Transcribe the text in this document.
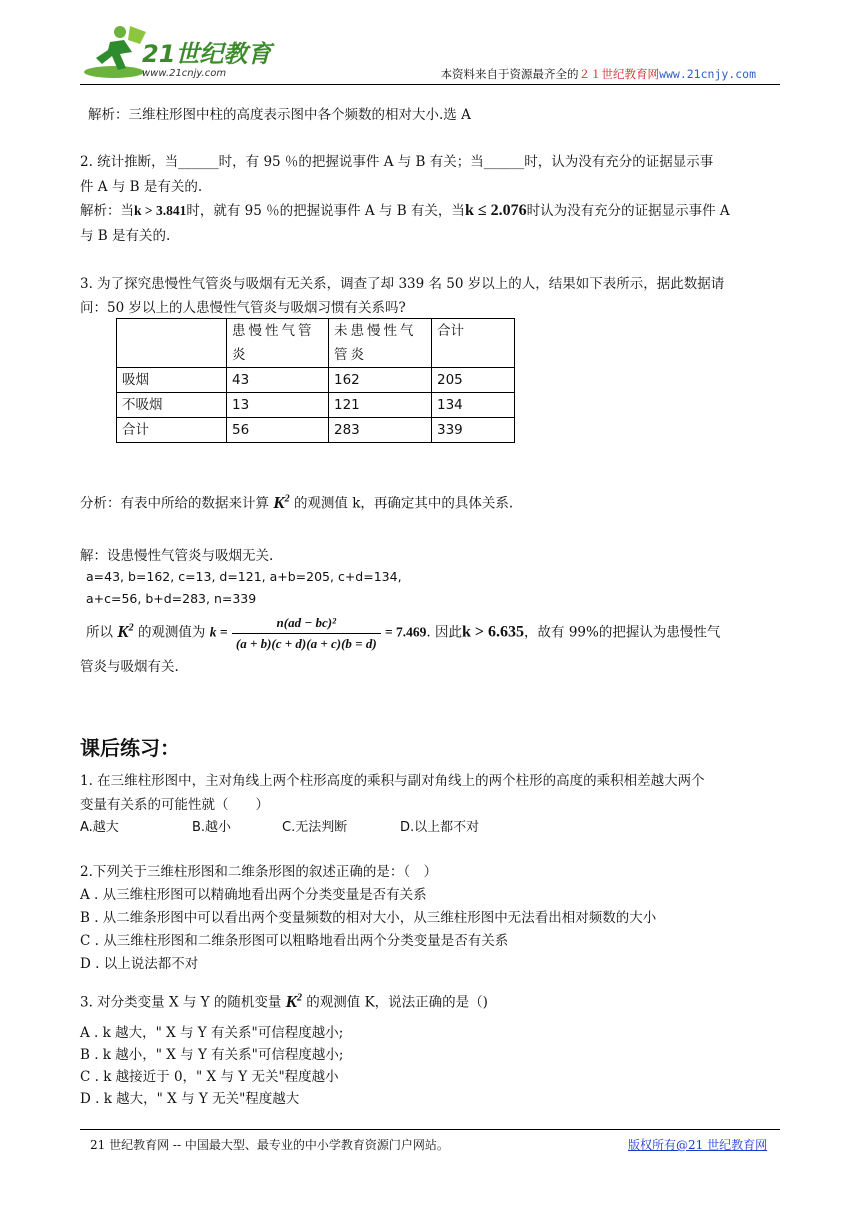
21世纪教育
www.21cnjy.com	本资料来自于资源最齐全的２１世纪教育网www.21cnjy.com
解析：三维柱形图中柱的高度表示图中各个频数的相对大小.选 A
2. 统计推断，当______时，有 95 ％的把握说事件 A 与 B 有关；当______时，认为没有充分的证据显示事
件 A 与 B 是有关的.
解析：当k > 3.841时，就有 95 ％的把握说事件 A 与 B 有关，当k ≤ 2.076时认为没有充分的证据显示事件 A
与 B 是有关的.
3. 为了探究患慢性气管炎与吸烟有无关系，调查了却 339 名 50 岁以上的人，结果如下表所示，据此数据请
问：50 岁以上的人患慢性气管炎与吸烟习惯有关系吗?
	患慢性气管炎	未患慢性气管炎	合计
吸烟	43	162	205
不吸烟	13	121	134
合计	56	283	339
分析：有表中所给的数据来计算 $K^2$ 的观测值 k，再确定其中的具体关系.
解：设患慢性气管炎与吸烟无关.
a=43, b=162, c=13, d=121, a+b=205, c+d=134,
a+c=56, b+d=283, n=339
所以 $K^2$ 的观测值为 $k = \frac{\text{n(ad − bc)²}}{(a + b)(c + d)(a + c)(b = d)} = 7.469$. 因此k > 6.635，故有 99%的把握认为患慢性气
管炎与吸烟有关.
课后练习：
1. 在三维柱形图中，主对角线上两个柱形高度的乘积与副对角线上的两个柱形的高度的乘积相差越大两个
变量有关系的可能性就（　　）
A.越大	B.越小	C.无法判断	D.以上都不对
2.下列关于三维柱形图和二维条形图的叙述正确的是：（　）
A . 从三维柱形图可以精确地看出两个分类变量是否有关系
B . 从二维条形图中可以看出两个变量频数的相对大小，从三维柱形图中无法看出相对频数的大小
C . 从三维柱形图和二维条形图可以粗略地看出两个分类变量是否有关系
D . 以上说法都不对
3. 对分类变量 X 与 Y 的随机变量 $K^2$ 的观测值 K，说法正确的是（)
A . k 越大，" X 与 Y 有关系"可信程度越小;
B . k 越小，" X 与 Y 有关系"可信程度越小;
C . k 越接近于 0，" X 与 Y 无关"程度越小
D . k 越大，" X 与 Y 无关"程度越大
21 世纪教育网 -- 中国最大型、最专业的中小学教育资源门户网站。	版权所有@21 世纪教育网
